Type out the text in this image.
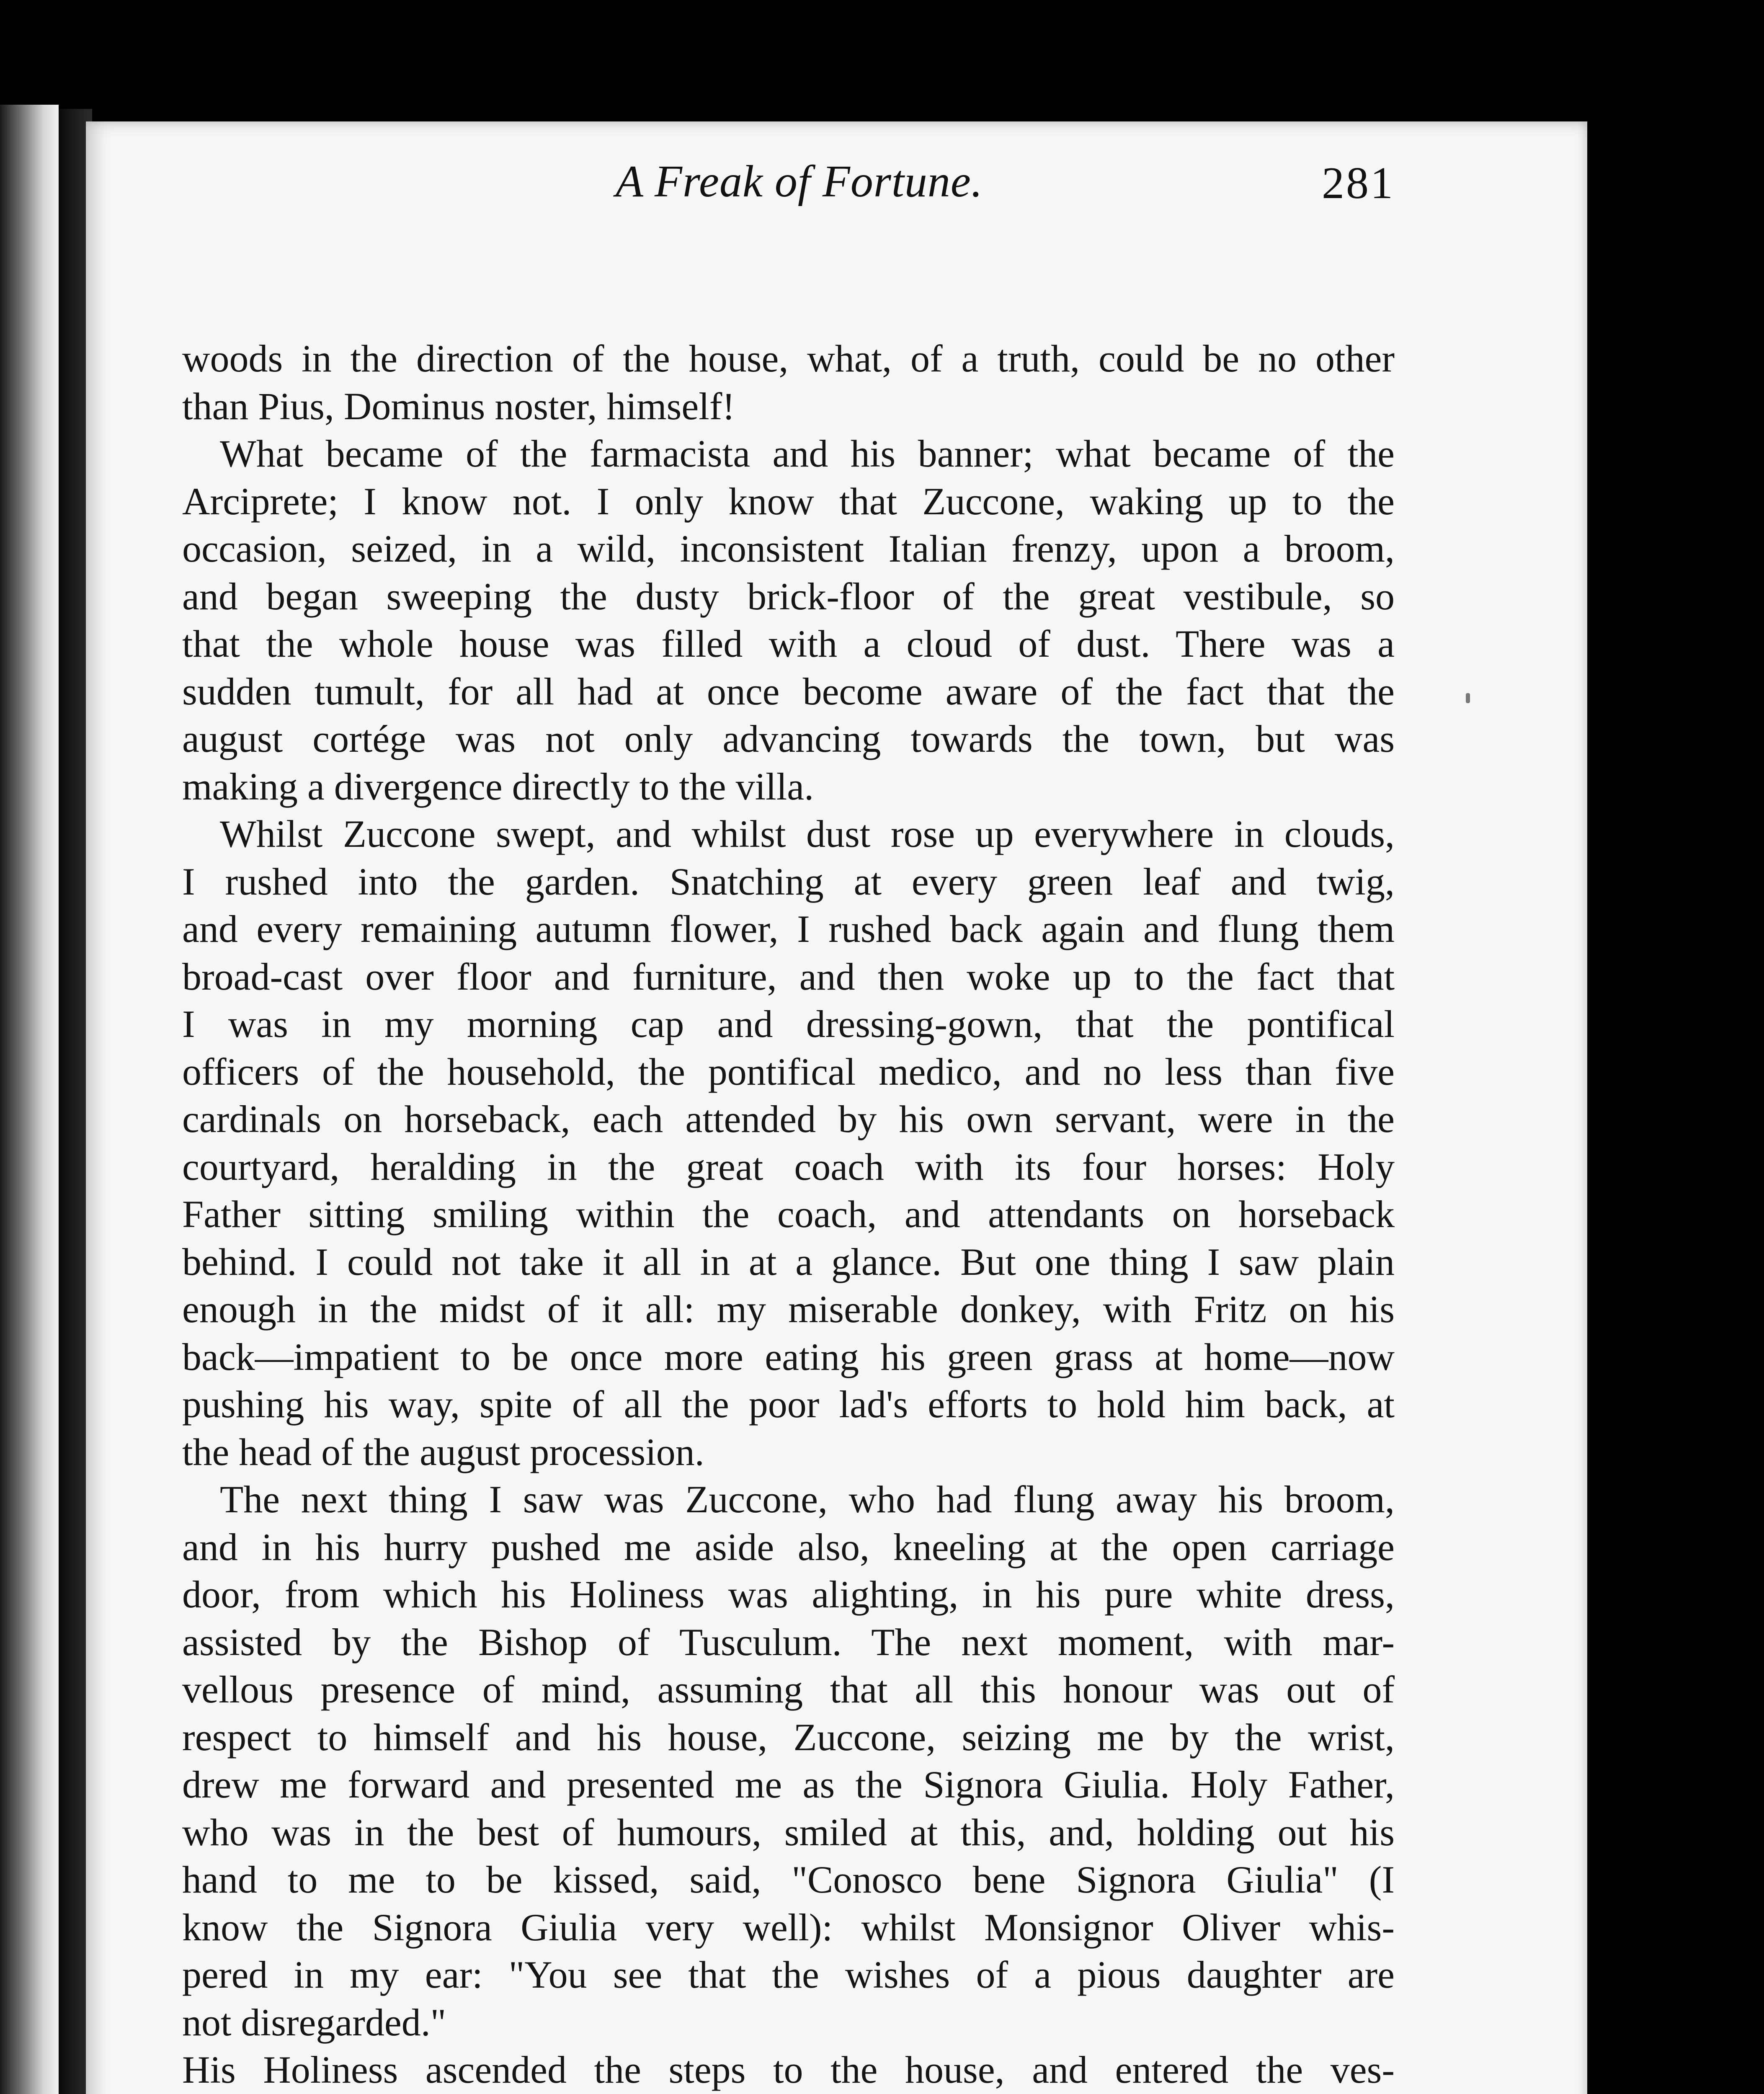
A Freak of Fortune.	281
woods in the direction of the house, what, of a truth, could be no other
than Pius, Dominus noster, himself!
What became of the farmacista and his banner; what became of the
Arciprete; I know not. I only know that Zuccone, waking up to the
occasion, seized, in a wild, inconsistent Italian frenzy, upon a broom,
and began sweeping the dusty brick-floor of the great vestibule, so
that the whole house was filled with a cloud of dust. There was a
sudden tumult, for all had at once become aware of the fact that the
august cortége was not only advancing towards the town, but was
making a divergence directly to the villa.
Whilst Zuccone swept, and whilst dust rose up everywhere in clouds,
I rushed into the garden. Snatching at every green leaf and twig,
and every remaining autumn flower, I rushed back again and flung them
broad-cast over floor and furniture, and then woke up to the fact that
I was in my morning cap and dressing-gown, that the pontifical
officers of the household, the pontifical medico, and no less than five
cardinals on horseback, each attended by his own servant, were in the
courtyard, heralding in the great coach with its four horses: Holy
Father sitting smiling within the coach, and attendants on horseback
behind. I could not take it all in at a glance. But one thing I saw plain
enough in the midst of it all: my miserable donkey, with Fritz on his
back—impatient to be once more eating his green grass at home—now
pushing his way, spite of all the poor lad's efforts to hold him back, at
the head of the august procession.
The next thing I saw was Zuccone, who had flung away his broom,
and in his hurry pushed me aside also, kneeling at the open carriage
door, from which his Holiness was alighting, in his pure white dress,
assisted by the Bishop of Tusculum. The next moment, with mar-
vellous presence of mind, assuming that all this honour was out of
respect to himself and his house, Zuccone, seizing me by the wrist,
drew me forward and presented me as the Signora Giulia. Holy Father,
who was in the best of humours, smiled at this, and, holding out his
hand to me to be kissed, said, "Conosco bene Signora Giulia" (I
know the Signora Giulia very well): whilst Monsignor Oliver whis-
pered in my ear: "You see that the wishes of a pious daughter are
not disregarded."
His Holiness ascended the steps to the house, and entered the ves-
